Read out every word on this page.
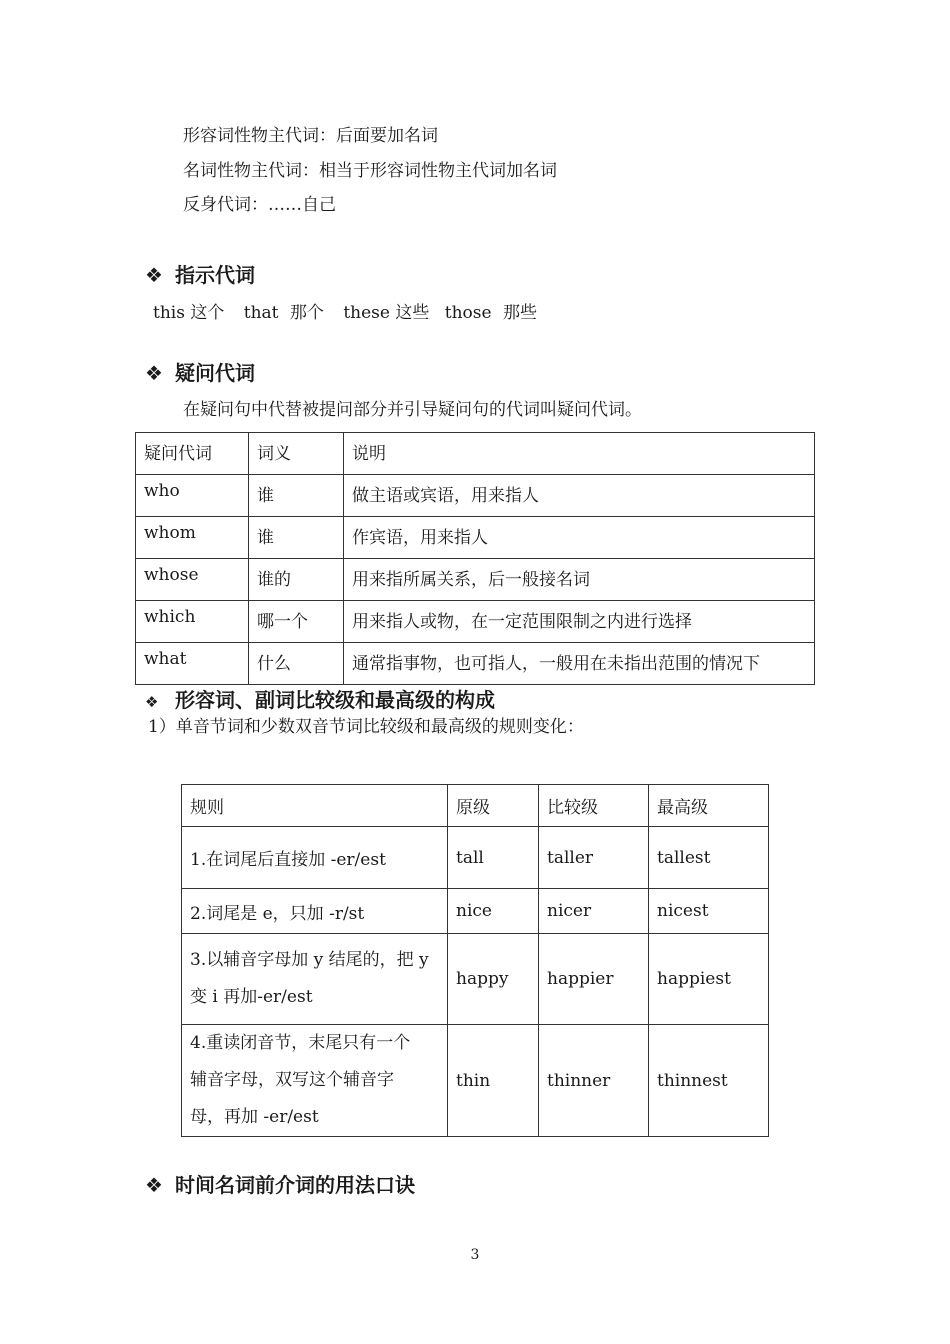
形容词性物主代词：后面要加名词
名词性物主代词：相当于形容词性物主代词加名词
反身代词：……自己
❖ 指示代词
this 这个 that 那个 these 这些 those 那些
❖ 疑问代词
在疑问句中代替被提问部分并引导疑问句的代词叫疑问代词。
疑问代词	词义	说明
who	谁	做主语或宾语，用来指人
whom	谁	作宾语，用来指人
whose	谁的	用来指所属关系，后一般接名词
which	哪一个	用来指人或物，在一定范围限制之内进行选择
what	什么	通常指事物，也可指人，一般用在未指出范围的情况下
❖ 形容词、副词比较级和最高级的构成
1）单音节词和少数双音节词比较级和最高级的规则变化：
规则	原级	比较级	最高级
1.在词尾后直接加 -er/est	tall	taller	tallest
2.词尾是 e，只加 -r/st	nice	nicer	nicest

3.以辅音字母加 y 结尾的，把 y
变 i 再加-er/est	happy	happier	happiest

4.重读闭音节，末尾只有一个
辅音字母，双写这个辅音字
母，再加 -er/est	thin	thinner	thinnest
❖ 时间名词前介词的用法口诀
3
